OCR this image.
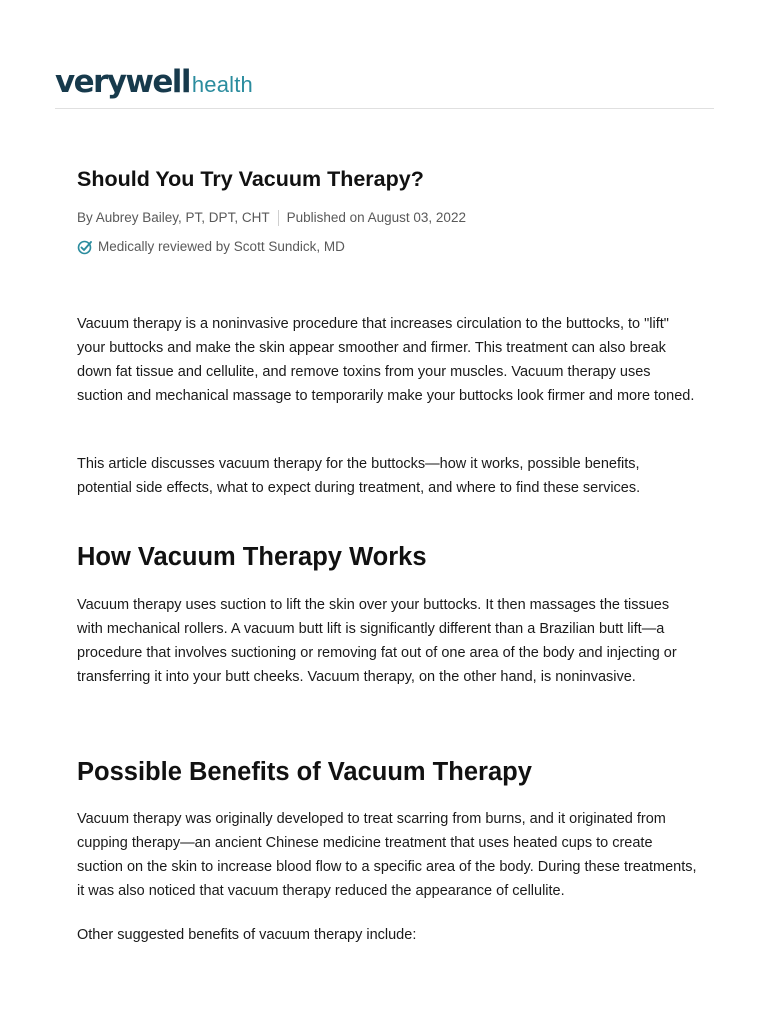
verywell health
Should You Try Vacuum Therapy?
By Aubrey Bailey, PT, DPT, CHT Published on August 03, 2022
Medically reviewed by Scott Sundick, MD

Vacuum therapy is a noninvasive procedure that increases circulation to the buttocks, to "lift" your buttocks and make the skin appear smoother and firmer. This treatment can also break down fat tissue and cellulite, and remove toxins from your muscles. Vacuum therapy uses suction and mechanical massage to temporarily make your buttocks look firmer and more toned.

This article discusses vacuum therapy for the buttocks—how it works, possible benefits, potential side effects, what to expect during treatment, and where to find these services.

How Vacuum Therapy Works

Vacuum therapy uses suction to lift the skin over your buttocks. It then massages the tissues with mechanical rollers. A vacuum butt lift is significantly different than a Brazilian butt lift—a procedure that involves suctioning or removing fat out of one area of the body and injecting or transferring it into your butt cheeks. Vacuum therapy, on the other hand, is noninvasive.

Possible Benefits of Vacuum Therapy

Vacuum therapy was originally developed to treat scarring from burns, and it originated from cupping therapy—an ancient Chinese medicine treatment that uses heated cups to create suction on the skin to increase blood flow to a specific area of the body. During these treatments, it was also noticed that vacuum therapy reduced the appearance of cellulite.

Other suggested benefits of vacuum therapy include:
